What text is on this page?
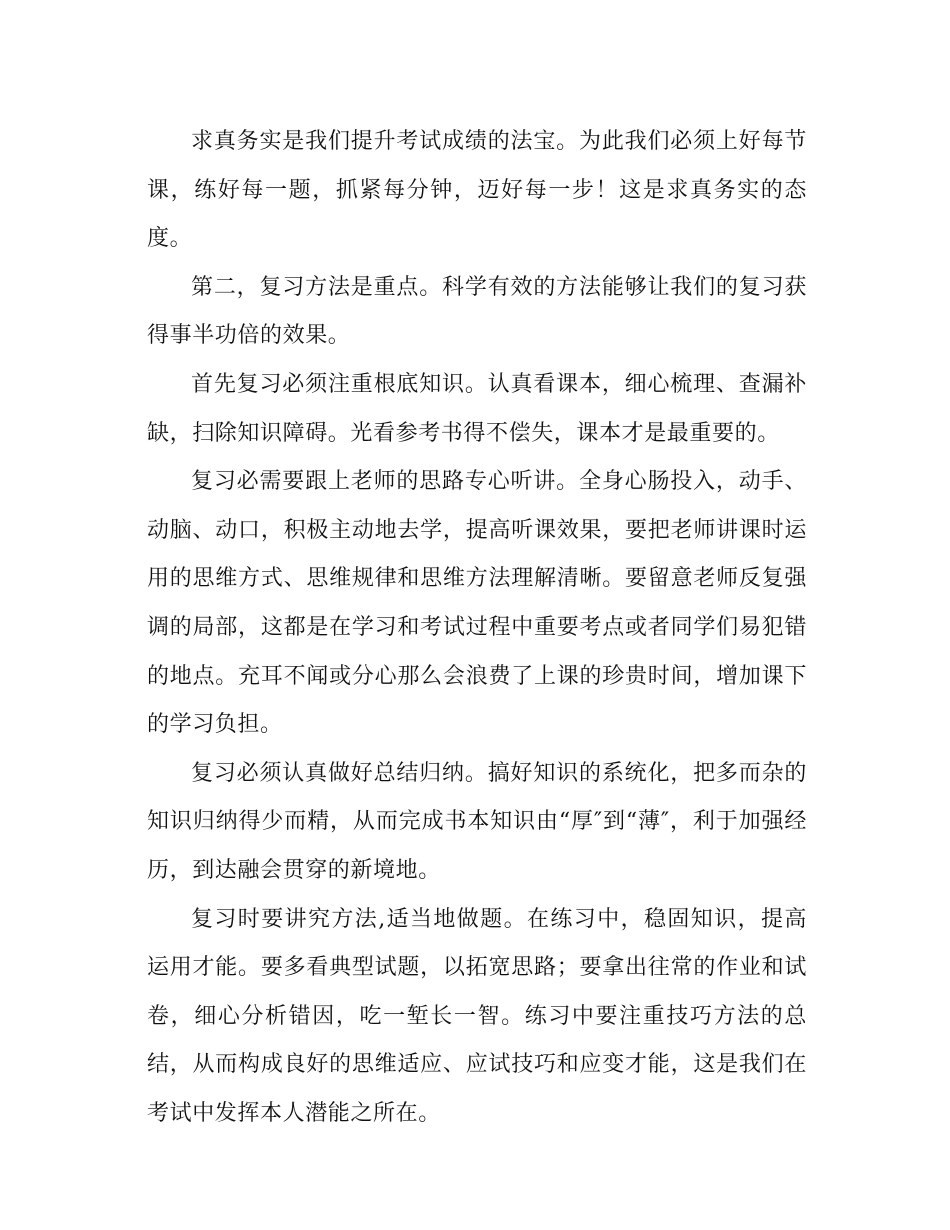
求真务实是我们提升考试成绩的法宝。为此我们必须上好每节课，练好每一题，抓紧每分钟，迈好每一步！这是求真务实的态度。

第二，复习方法是重点。科学有效的方法能够让我们的复习获得事半功倍的效果。

首先复习必须注重根底知识。认真看课本，细心梳理、查漏补缺，扫除知识障碍。光看参考书得不偿失，课本才是最重要的。

复习必需要跟上老师的思路专心听讲。全身心肠投入，动手、动脑、动口，积极主动地去学，提高听课效果，要把老师讲课时运用的思维方式、思维规律和思维方法理解清晰。要留意老师反复强调的局部，这都是在学习和考试过程中重要考点或者同学们易犯错的地点。充耳不闻或分心那么会浪费了上课的珍贵时间，增加课下的学习负担。

复习必须认真做好总结归纳。搞好知识的系统化，把多而杂的知识归纳得少而精，从而完成书本知识由“厚″到“薄″，利于加强经历，到达融会贯穿的新境地。

复习时要讲究方法,适当地做题。在练习中，稳固知识，提高运用才能。要多看典型试题，以拓宽思路；要拿出往常的作业和试卷，细心分析错因，吃一堑长一智。练习中要注重技巧方法的总结，从而构成良好的思维适应、应试技巧和应变才能，这是我们在考试中发挥本人潜能之所在。
